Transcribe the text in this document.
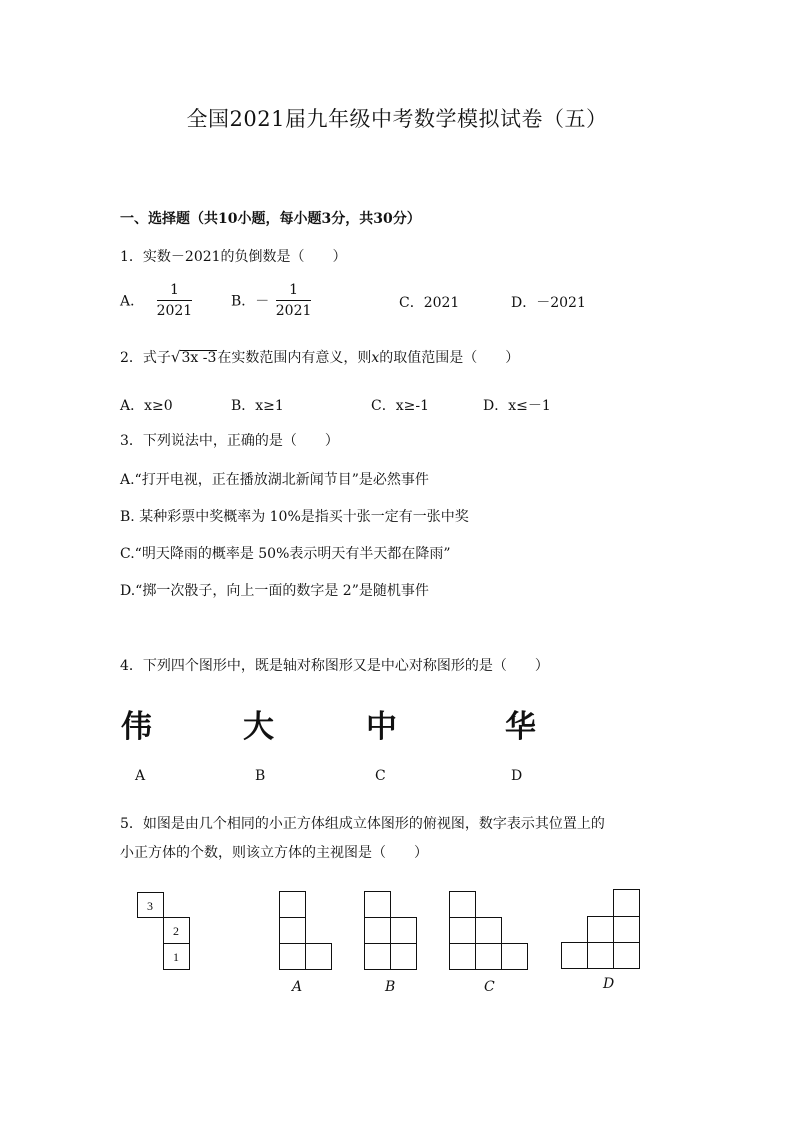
全国2021届九年级中考数学模拟试卷（五）
一、选择题（共10小题，每小题3分，共30分）
1．实数－2021的负倒数是（　　）
A． $\frac{1}{2021}$	B．－ $\frac{1}{2021}$	C．2021	D．－2021
2．式子√3x -3在实数范围内有意义，则x的取值范围是（　　）
A．x≥0	B．x≥1	C．x≥-1	D．x≤－1
3．下列说法中，正确的是（　　）
A.“打开电视，正在播放湖北新闻节目”是必然事件
B. 某种彩票中奖概率为 10%是指买十张一定有一张中奖
C.“明天降雨的概率是 50%表示明天有半天都在降雨”
D.“掷一次骰子，向上一面的数字是 2”是随机事件
4．下列四个图形中，既是轴对称图形又是中心对称图形的是（　　）
伟	大	中	华
A	B	C	D
5．如图是由几个相同的小正方体组成立体图形的俯视图，数字表示其位置上的
小正方体的个数，则该立方体的主视图是（　　）
3
2
1
A	B	C	D
